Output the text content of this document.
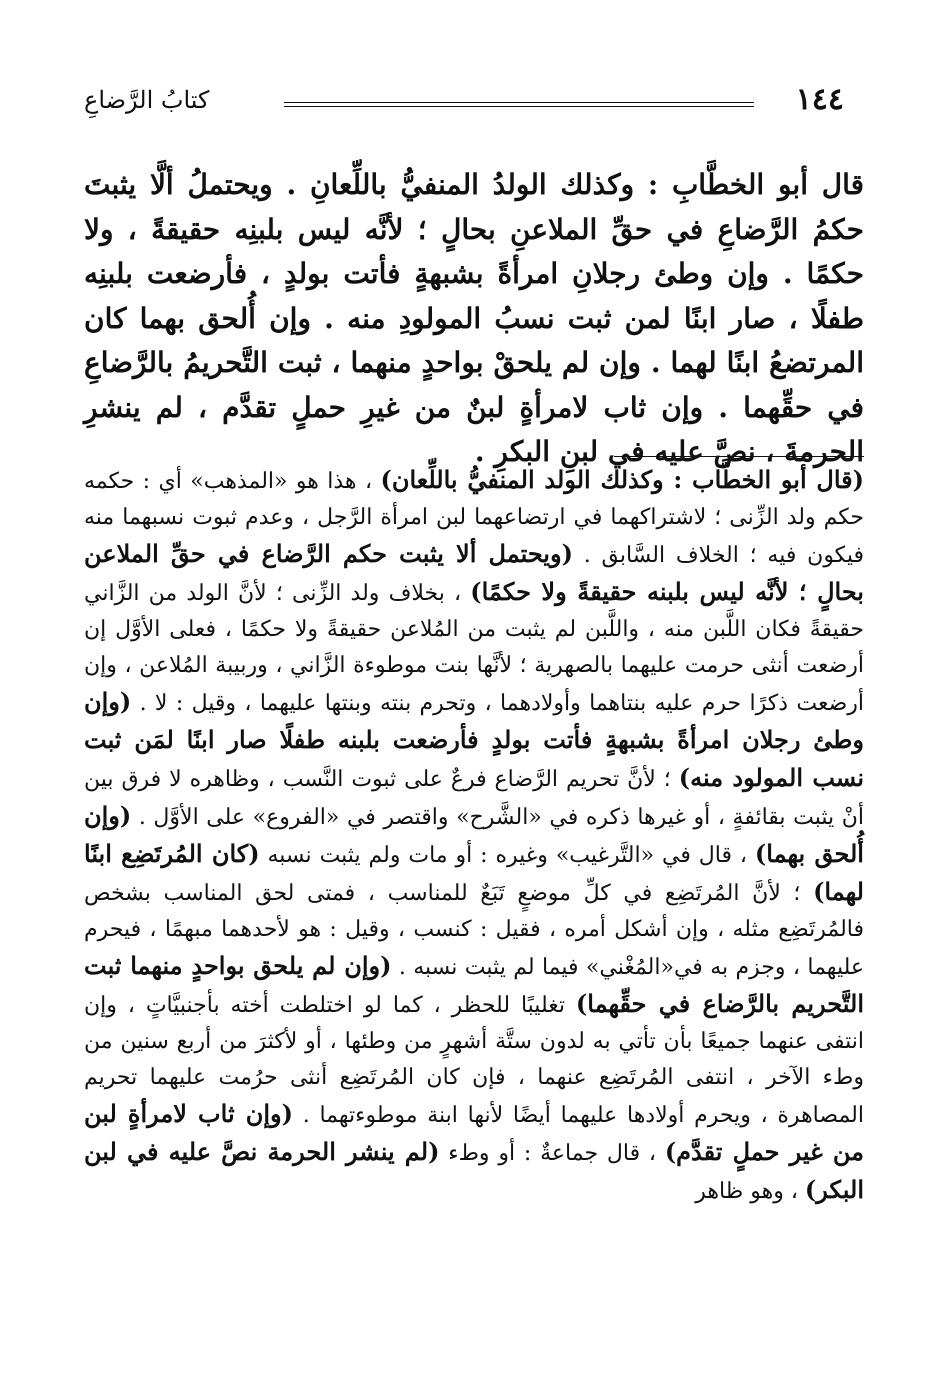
١٤٤
كتابُ الرَّضاعِ

قال أبو الخطَّابِ : وكذلك الولدُ المنفيُّ باللِّعانِ . ويحتملُ ألَّا يثبتَ حكمُ الرَّضاعِ في حقِّ الملاعنِ بحالٍ ؛ لأنَّه ليس بلبنِه حقيقةً ، ولا حكمًا . وإن وطئ رجلانِ امرأةً بشبهةٍ فأتت بولدٍ ، فأرضعت بلبنِه طفلًا ، صار ابنًا لمن ثبت نسبُ المولودِ منه . وإن أُلحق بهما كان المرتضعُ ابنًا لهما . وإن لم يلحقْ بواحدٍ منهما ، ثبت التَّحريمُ بالرَّضاعِ في حقِّهما . وإن ثاب لامرأةٍ لبنٌ من غيرِ حملٍ تقدَّم ، لم ينشرِ الحرمةَ ، نصَّ عليه في لبنِ البكرِ .

(قال أبو الخطَّاب : وكذلك الولد المنفيُّ باللِّعان) ، هذا هو «المذهب» أي : حكمه حكم ولد الزِّنى ؛ لاشتراكهما في ارتضاعهما لبن امرأة الرَّجل ، وعدم ثبوت نسبهما منه فيكون فيه ؛ الخلاف السَّابق . (ويحتمل ألا يثبت حكم الرَّضاع في حقِّ الملاعن بحالٍ ؛ لأنَّه ليس بلبنه حقيقةً ولا حكمًا) ، بخلاف ولد الزِّنى ؛ لأنَّ الولد من الزَّاني حقيقةً فكان اللَّبن منه ، واللَّبن لم يثبت من المُلاعن حقيقةً ولا حكمًا ، فعلى الأوَّل إن أرضعت أنثى حرمت عليهما بالصهرية ؛ لأنَّها بنت موطوءة الزَّاني ، وربيبة المُلاعن ، وإن أرضعت ذكرًا حرم عليه بنتاهما وأولادهما ، وتحرم بنته وبنتها عليهما ، وقيل : لا . (وإن وطئ رجلان امرأةً بشبهةٍ فأتت بولدٍ فأرضعت بلبنه طفلًا صار ابنًا لمَن ثبت نسب المولود منه) ؛ لأنَّ تحريم الرَّضاع فرعٌ على ثبوت النَّسب ، وظاهره لا فرق بين أنْ يثبت بقائفةٍ ، أو غيرها ذكره في «الشَّرح» واقتصر في «الفروع» على الأوَّل . (وإن أُلحق بهما) ، قال في «التَّرغيب» وغيره : أو مات ولم يثبت نسبه (كان المُرتَضِع ابنًا لهما) ؛ لأنَّ المُرتَضِع في كلِّ موضعٍ تَبَعٌ للمناسب ، فمتى لحق المناسب بشخص فالمُرتَضِع مثله ، وإن أشكل أمره ، فقيل : كنسب ، وقيل : هو لأحدهما مبهمًا ، فيحرم عليهما ، وجزم به في«المُغْني» فيما لم يثبت نسبه . (وإن لم يلحق بواحدٍ منهما ثبت التَّحريم بالرَّضاع في حقِّهما) تغليبًا للحظر ، كما لو اختلطت أخته بأجنبيَّاتٍ ، وإن انتفى عنهما جميعًا بأن تأتي به لدون ستَّة أشهرٍ من وطئها ، أو لأكثرَ من أربع سنين من وطء الآخر ، انتفى المُرتَضِع عنهما ، فإن كان المُرتَضِع أنثى حرُمت عليهما تحريم المصاهرة ، ويحرم أولادها عليهما أيضًا لأنها ابنة موطوءتهما . (وإن ثاب لامرأةٍ لبن من غير حملٍ تقدَّم) ، قال جماعةٌ : أو وطء (لم ينشر الحرمة نصَّ عليه في لبن البكر) ، وهو ظاهر
